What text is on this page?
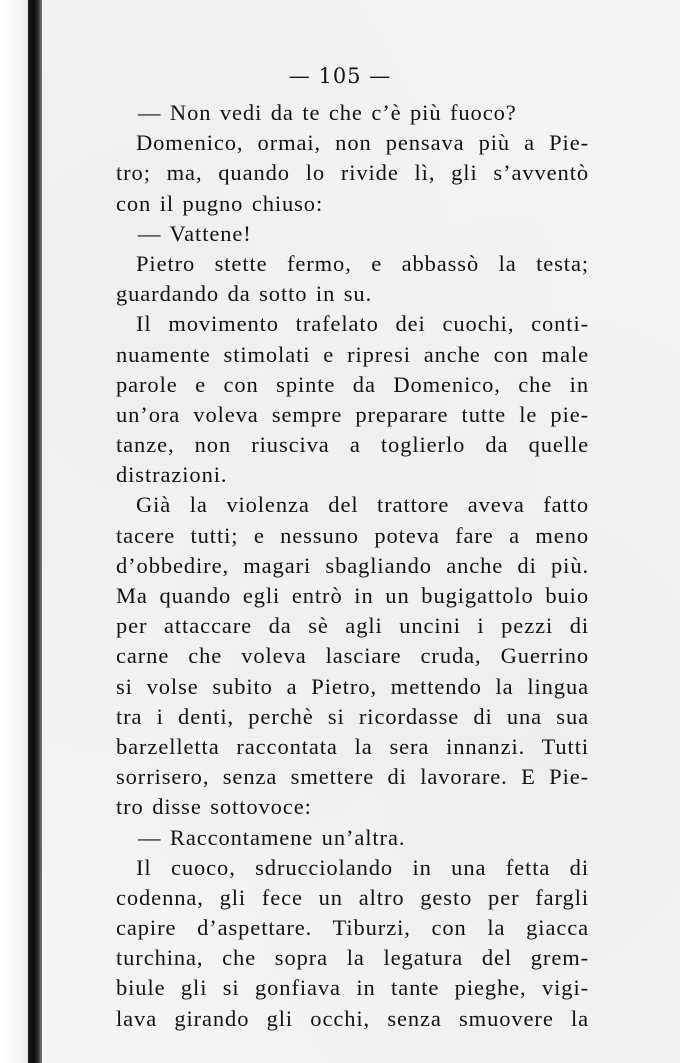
— 105 —
— Non vedi da te che c’è più fuoco?
Domenico, ormai, non pensava più a Pie-
tro; ma, quando lo rivide lì, gli s’avventò
con il pugno chiuso:
— Vattene!
Pietro stette fermo, e abbassò la testa;
guardando da sotto in su.
Il movimento trafelato dei cuochi, conti-
nuamente stimolati e ripresi anche con male
parole e con spinte da Domenico, che in
un’ora voleva sempre preparare tutte le pie-
tanze, non riusciva a toglierlo da quelle
distrazioni.
Già la violenza del trattore aveva fatto
tacere tutti; e nessuno poteva fare a meno
d’obbedire, magari sbagliando anche di più.
Ma quando egli entrò in un bugigattolo buio
per attaccare da sè agli uncini i pezzi di
carne che voleva lasciare cruda, Guerrino
si volse subito a Pietro, mettendo la lingua
tra i denti, perchè si ricordasse di una sua
barzelletta raccontata la sera innanzi. Tutti
sorrisero, senza smettere di lavorare. E Pie-
tro disse sottovoce:
— Raccontamene un’altra.
Il cuoco, sdrucciolando in una fetta di
codenna, gli fece un altro gesto per fargli
capire d’aspettare. Tiburzi, con la giacca
turchina, che sopra la legatura del grem-
biule gli si gonfiava in tante pieghe, vigi-
lava girando gli occhi, senza smuovere la
